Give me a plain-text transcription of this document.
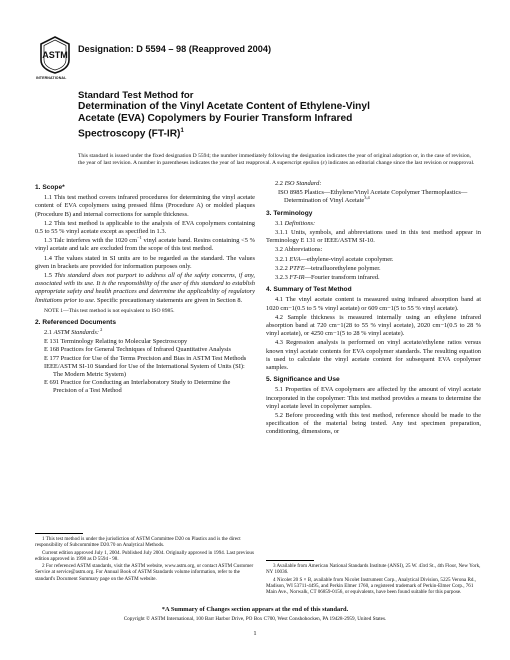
ASTM
INTERNATIONAL
Designation: D 5594 – 98 (Reapproved 2004)
Standard Test Method for
Determination of the Vinyl Acetate Content of Ethylene-Vinyl
Acetate (EVA) Copolymers by Fourier Transform Infrared
Spectroscopy $(FT-IR)^1$
This standard is issued under the fixed designation D 5594; the number immediately following the designation indicates the year of original adoption or, in the case of revision, the year of last revision. A number in parentheses indicates the year of last reapproval. A superscript epsilon (ε) indicates an editorial change since the last revision or reapproval.
1. Scope*

1.1 This test method covers infrared procedures for determining the vinyl acetate content of EVA copolymers using pressed films (Procedure A) or molded plaques (Procedure B) and internal corrections for sample thickness.

1.2 This test method is applicable to the analysis of EVA copolymers containing 0.5 to 55 % vinyl acetate except as specified in 1.3.

1.3 Talc interferes with the 1020 $cm^{-1}$ vinyl acetate band. Resins containing <5 % vinyl acetate and talc are excluded from the scope of this test method.

1.4 The values stated in SI units are to be regarded as the standard. The values given in brackets are provided for information purposes only.

1.5 This standard does not purport to address all of the safety concerns, if any, associated with its use. It is the responsibility of the user of this standard to establish appropriate safety and health practices and determine the applicability of regulatory limitations prior to use. Specific precautionary statements are given in Section 8.

NOTE 1—This test method is not equivalent to ISO 8985.

2. Referenced Documents

2.1 ASTM Standards: $^2$

E 131 Terminology Relating to Molecular Spectroscopy

E 168 Practices for General Techniques of Infrared Quantitative Analysis

E 177 Practice for Use of the Terms Precision and Bias in ASTM Test Methods

IEEE/ASTM SI-10 Standard for Use of the International System of Units (SI): The Modern Metric System)

E 691 Practice for Conducting an Interlaboratory Study to Determine the Precision of a Test Method

2.2 ISO Standard:

ISO 8985 Plastics—Ethylene/Vinyl Acetate Copolymer Thermoplastics—Determination of Vinyl Acetate$^{3,4}$

3. Terminology

3.1 Definitions:

3.1.1 Units, symbols, and abbreviations used in this test method appear in Terminology E 131 or IEEE/ASTM SI-10.

3.2 Abbreviations:

3.2.1 EVA—ethylene-vinyl acetate copolymer.

3.2.2 PTFE—tetrafluorethylene polymer.

3.2.3 FT-IR—Fourier transform infrared.

4. Summary of Test Method

4.1 The vinyl acetate content is measured using infrared absorption band at 1020 cm−1(0.5 to 5 % vinyl acetate) or 609 cm−1(5 to 55 % vinyl acetate).

4.2 Sample thickness is measured internally using an ethylene infrared absorption band at 720 cm−1(28 to 55 % vinyl acetate), 2020 cm−1(0.5 to 28 % vinyl acetate), or 4250 cm−1(5 to 28 % vinyl acetate).

4.3 Regression analysis is performed on vinyl acetate/ethylene ratios versus known vinyl acetate contents for EVA copolymer standards. The resulting equation is used to calculate the vinyl acetate content for subsequent EVA copolymer samples.

5. Significance and Use

5.1 Properties of EVA copolymers are affected by the amount of vinyl acetate incorporated in the copolymer: This test method provides a means to determine the vinyl acetate level in copolymer samples.

5.2 Before proceeding with this test method, reference should be made to the specification of the material being tested. Any test specimen preparation, conditioning, dimensions, or

1 This test method is under the jurisdiction of ASTM Committee D20 on Plastics and is the direct responsibility of Subcommittee D20.70 on Analytical Methods.

Current edition approved July 1, 2004. Published July 2004. Originally approved in 1994. Last previous edition approved in 1998 as D 5594 - 98.

2 For referenced ASTM standards, visit the ASTM website, www.astm.org, or contact ASTM Customer Service at service@astm.org. For Annual Book of ASTM Standards volume information, refer to the standard's Document Summary page on the ASTM website.

3 Available from American National Standards Institute (ANSI), 25 W. 43rd St., 4th Floor, New York, NY 10036.

4 Nicolet 20 S × B, available from Nicolet Instrument Corp., Analytical Division, 5225 Verona Rd., Madison, WI 53711-4495, and Perkin Elmer 1760, a registered trademark of Perkin-Elmer Corp., 761 Main Ave., Norwalk, CT 06859-0156, or equivalents, have been found suitable for this purpose.

*A Summary of Changes section appears at the end of this standard.
Copyright © ASTM International, 100 Barr Harbor Drive, PO Box C700, West Conshohocken, PA 19428-2959, United States.
1
